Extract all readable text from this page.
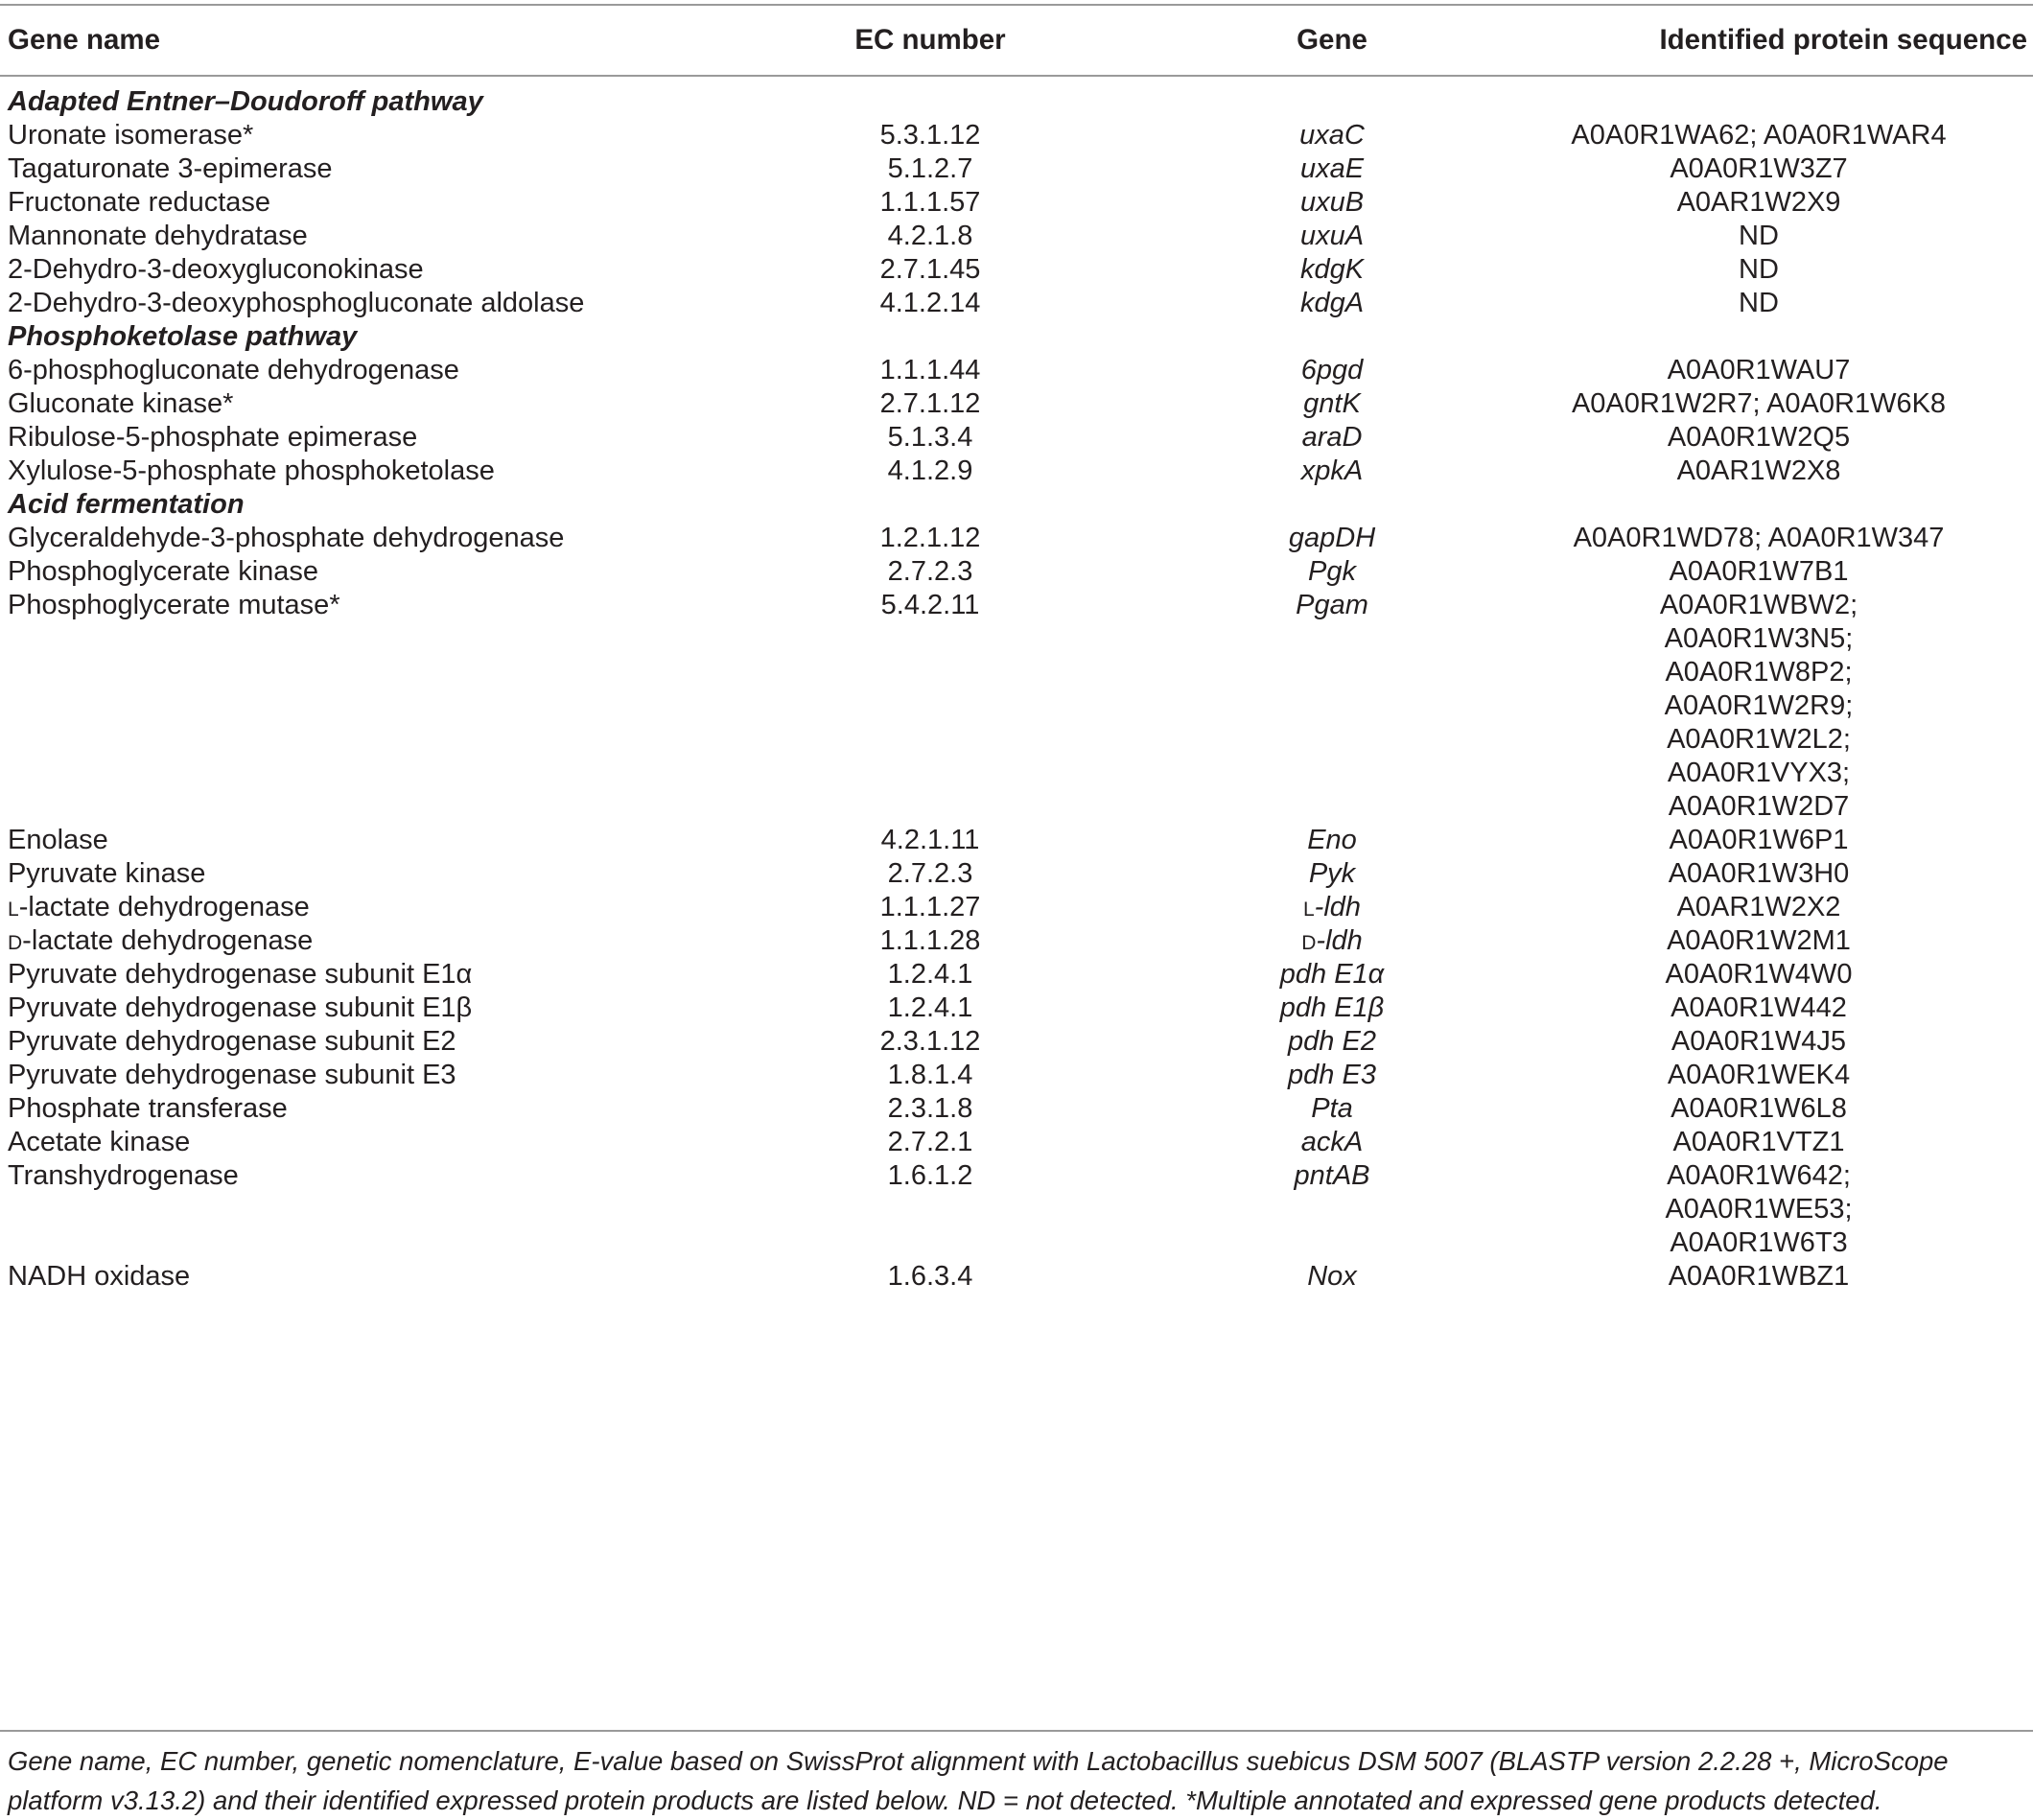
Gene name	EC number	Gene	Identified protein sequence
Adapted Entner–Doudoroff pathway
Uronate isomerase*	5.3.1.12	uxaC	A0A0R1WA62; A0A0R1WAR4
Tagaturonate 3-epimerase	5.1.2.7	uxaE	A0A0R1W3Z7
Fructonate reductase	1.1.1.57	uxuB	A0AR1W2X9
Mannonate dehydratase	4.2.1.8	uxuA	ND
2-Dehydro-3-deoxygluconokinase	2.7.1.45	kdgK	ND
2-Dehydro-3-deoxyphosphogluconate aldolase	4.1.2.14	kdgA	ND
Phosphoketolase pathway
6-phosphogluconate dehydrogenase	1.1.1.44	6pgd	A0A0R1WAU7
Gluconate kinase*	2.7.1.12	gntK	A0A0R1W2R7; A0A0R1W6K8
Ribulose-5-phosphate epimerase	5.1.3.4	araD	A0A0R1W2Q5
Xylulose-5-phosphate phosphoketolase	4.1.2.9	xpkA	A0AR1W2X8
Acid fermentation
Glyceraldehyde-3-phosphate dehydrogenase	1.2.1.12	gapDH	A0A0R1WD78; A0A0R1W347
Phosphoglycerate kinase	2.7.2.3	Pgk	A0A0R1W7B1
Phosphoglycerate mutase*	5.4.2.11	Pgam	A0A0R1WBW2;
A0A0R1W3N5;
A0A0R1W8P2;
A0A0R1W2R9;
A0A0R1W2L2;
A0A0R1VYX3;
A0A0R1W2D7
Enolase	4.2.1.11	Eno	A0A0R1W6P1
Pyruvate kinase	2.7.2.3	Pyk	A0A0R1W3H0
L-lactate dehydrogenase	1.1.1.27	L-ldh	A0AR1W2X2
D-lactate dehydrogenase	1.1.1.28	D-ldh	A0A0R1W2M1
Pyruvate dehydrogenase subunit E1α	1.2.4.1	pdh E1α	A0A0R1W4W0
Pyruvate dehydrogenase subunit E1β	1.2.4.1	pdh E1β	A0A0R1W442
Pyruvate dehydrogenase subunit E2	2.3.1.12	pdh E2	A0A0R1W4J5
Pyruvate dehydrogenase subunit E3	1.8.1.4	pdh E3	A0A0R1WEK4
Phosphate transferase	2.3.1.8	Pta	A0A0R1W6L8
Acetate kinase	2.7.2.1	ackA	A0A0R1VTZ1
Transhydrogenase	1.6.1.2	pntAB	A0A0R1W642;
A0A0R1WE53;
A0A0R1W6T3
NADH oxidase	1.6.3.4	Nox	A0A0R1WBZ1
Gene name, EC number, genetic nomenclature, E-value based on SwissProt alignment with Lactobacillus suebicus DSM 5007 (BLASTP version 2.2.28 +, MicroScope platform v3.13.2) and their identified expressed protein products are listed below. ND = not detected. *Multiple annotated and expressed gene products detected.
